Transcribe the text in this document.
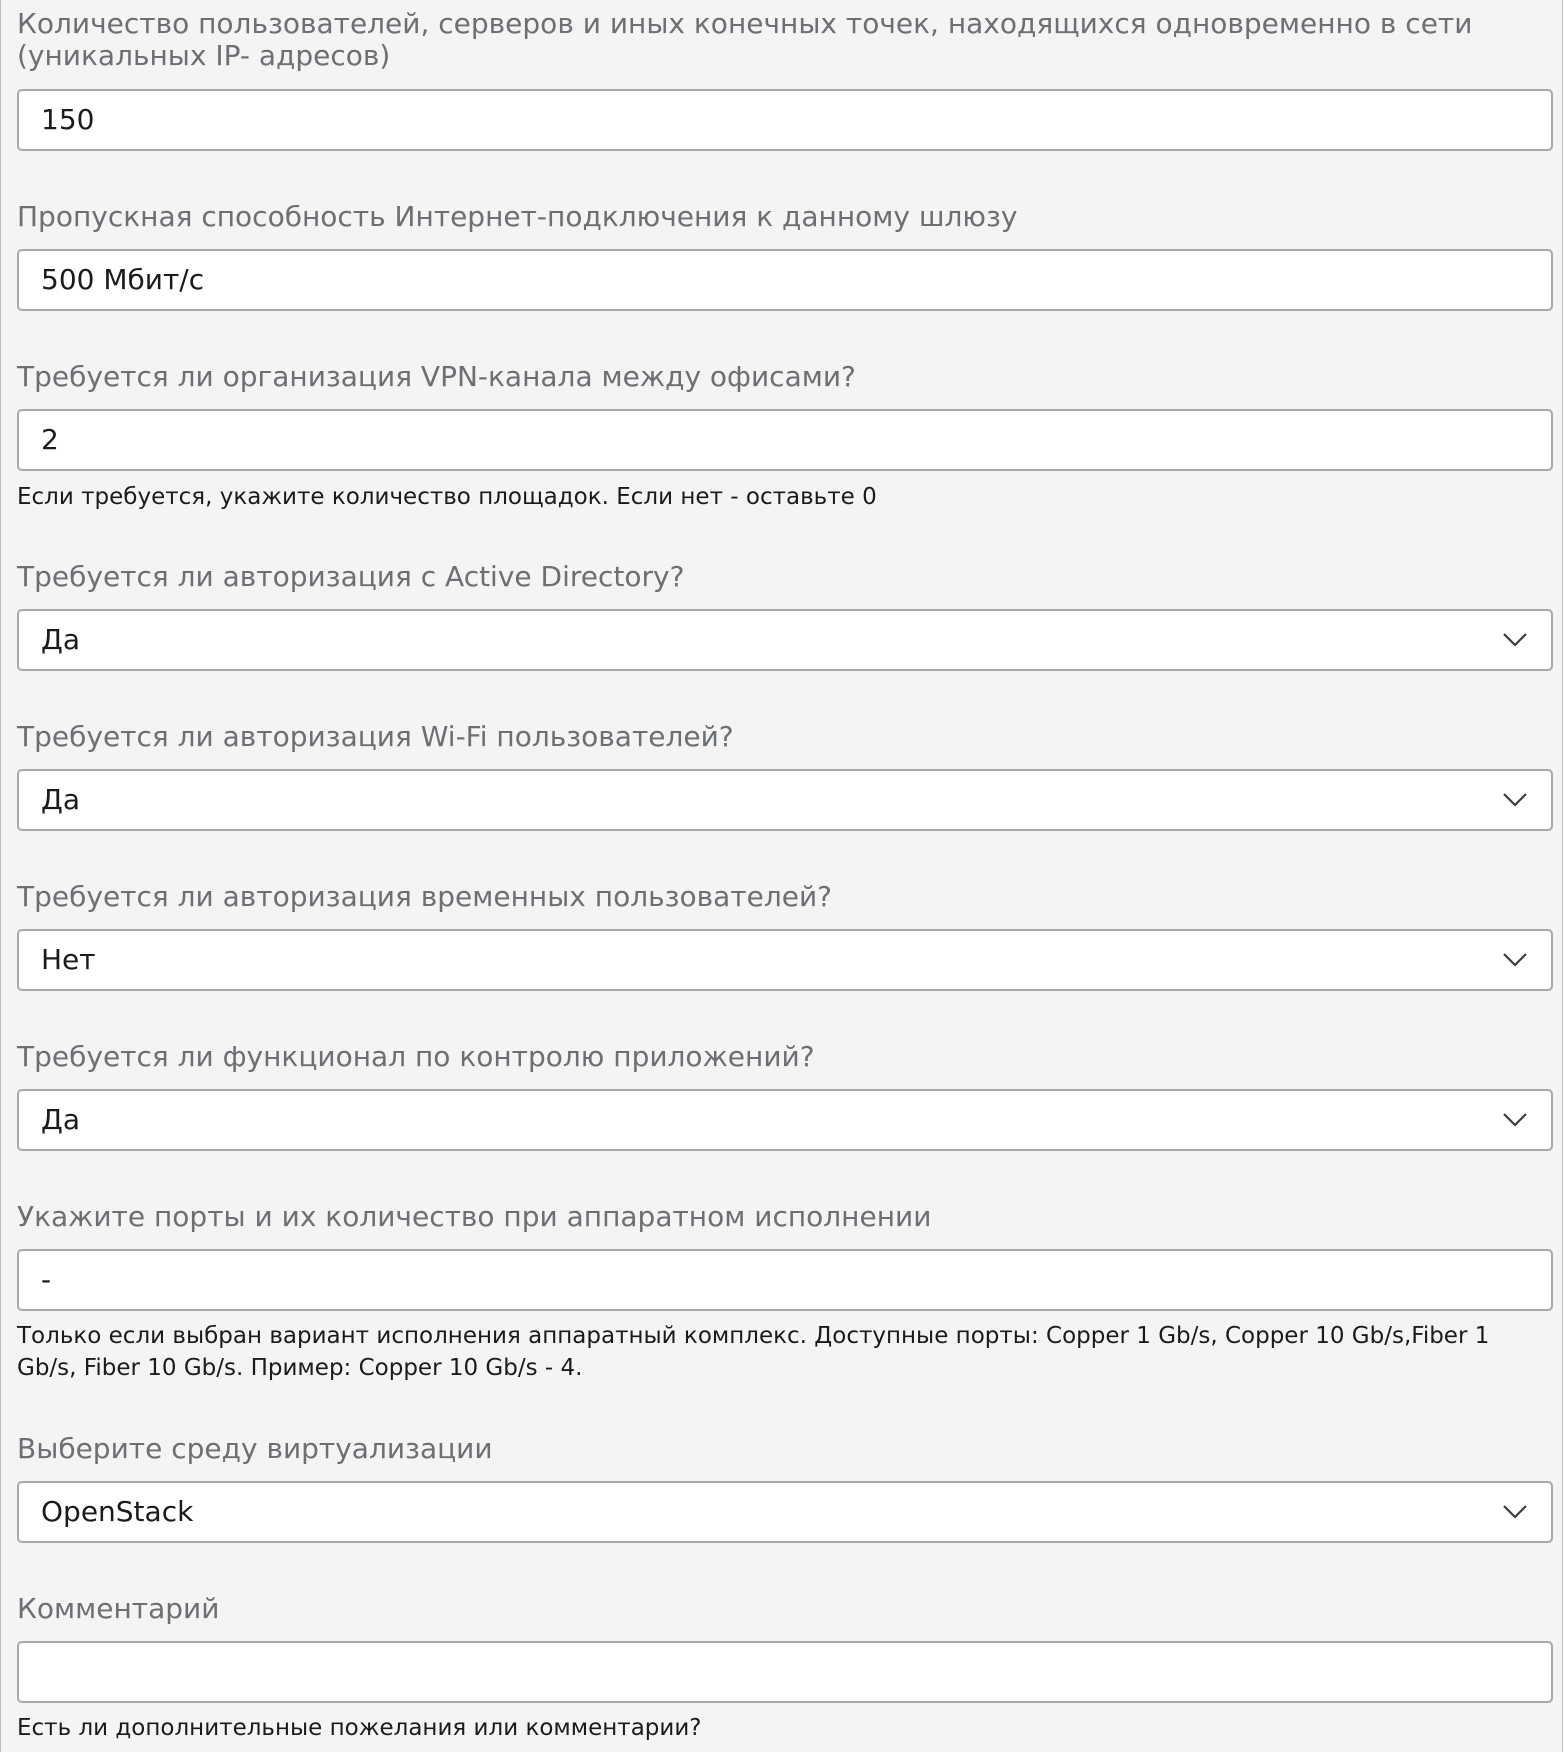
Количество пользователей, серверов и иных конечных точек, находящихся одновременно в сети (уникальных IP- адресов)
150
Пропускная способность Интернет-подключения к данному шлюзу
500 Мбит/с
Требуется ли организация VPN-канала между офисами?
2
Если требуется, укажите количество площадок. Если нет - оставьте 0
Требуется ли авторизация с Active Directory?
Да
Требуется ли авторизация Wi-Fi пользователей?
Да
Требуется ли авторизация временных пользователей?
Нет
Требуется ли функционал по контролю приложений?
Да
Укажите порты и их количество при аппаратном исполнении
-
Только если выбран вариант исполнения аппаратный комплекс. Доступные порты: Copper 1 Gb/s, Copper 10 Gb/s,Fiber 1 Gb/s, Fiber 10 Gb/s. Пример: Copper 10 Gb/s - 4.
Выберите среду виртуализации
OpenStack
Комментарий
Есть ли дополнительные пожелания или комментарии?
